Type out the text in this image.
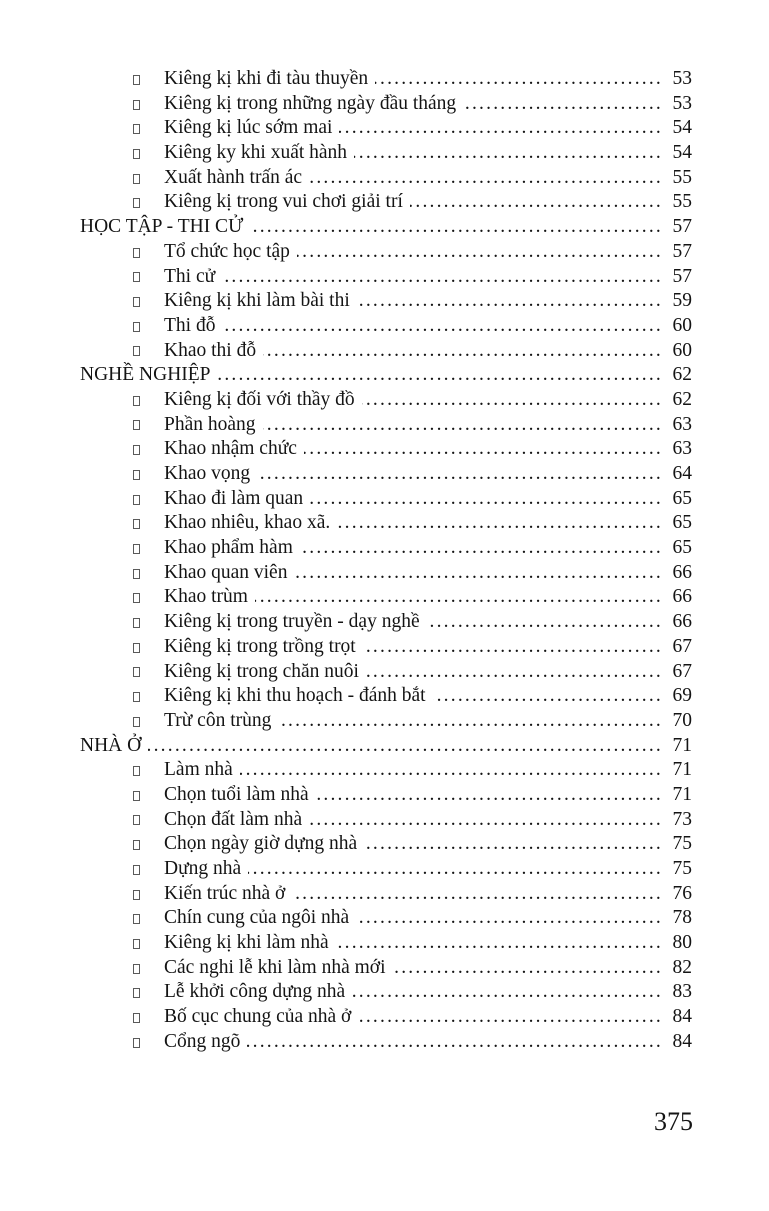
Kiêng kị khi đi tàu thuyền .....	53
Kiêng kị trong những ngày đầu tháng .....	53
Kiêng kị lúc sớm mai .....	54
Kiêng ky khi xuất hành .....	54
Xuất hành trấn ác .....	55
Kiêng kị trong vui chơi giải trí .....	55
HỌC TẬP - THI CỬ .....	57
Tổ chức học tập .....	57
Thi cử .....	57
Kiêng kị khi làm bài thi .....	59
Thi đỗ .....	60
Khao thi đỗ .....	60
NGHỀ NGHIỆP .....	62
Kiêng kị đối với thầy đồ .....	62
Phần hoàng .....	63
Khao nhậm chức .....	63
Khao vọng .....	64
Khao đi làm quan .....	65
Khao nhiêu, khao xã. .....	65
Khao phẩm hàm .....	65
Khao quan viên .....	66
Khao trùm .....	66
Kiêng kị trong truyền - dạy nghề .....	66
Kiêng kị trong trồng trọt .....	67
Kiêng kị trong chăn nuôi .....	67
Kiêng kị khi thu hoạch - đánh bắt .....	69
Trừ côn trùng .....	70
NHÀ Ở .....	71
Làm nhà .....	71
Chọn tuổi làm nhà .....	71
Chọn đất làm nhà .....	73
Chọn ngày giờ dựng nhà .....	75
Dựng nhà .....	75
Kiến trúc nhà ở .....	76
Chín cung của ngôi nhà .....	78
Kiêng kị khi làm nhà .....	80
Các nghi lễ khi làm nhà mới .....	82
Lễ khởi công dựng nhà .....	83
Bố cục chung của nhà ở .....	84
Cổng ngõ .....	84
375
